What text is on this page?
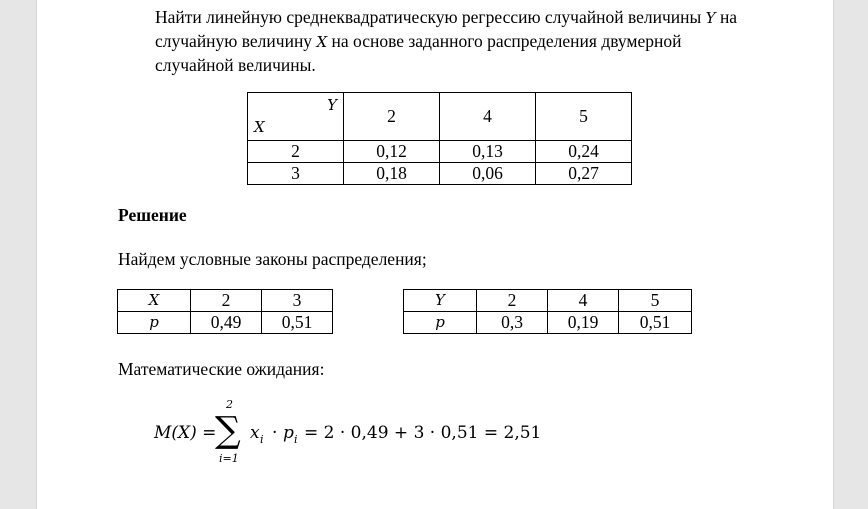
Найти линейную среднеквадратическую регрессию случайной величины Y на
случайную величину X на основе заданного распределения двумерной
случайной величины.
Y
X	2	4	5
2	0,12	0,13	0,24
3	0,18	0,06	0,27
Решение
Найдем условные законы распределения;
X	2	3
p	0,49	0,51
Y	2	4	5
p	0,3	0,19	0,51
Математические ожидания:
M(X) =
2
∑
i=1
x i · p i = 2 · 0,49 + 3 · 0,51 = 2,51
